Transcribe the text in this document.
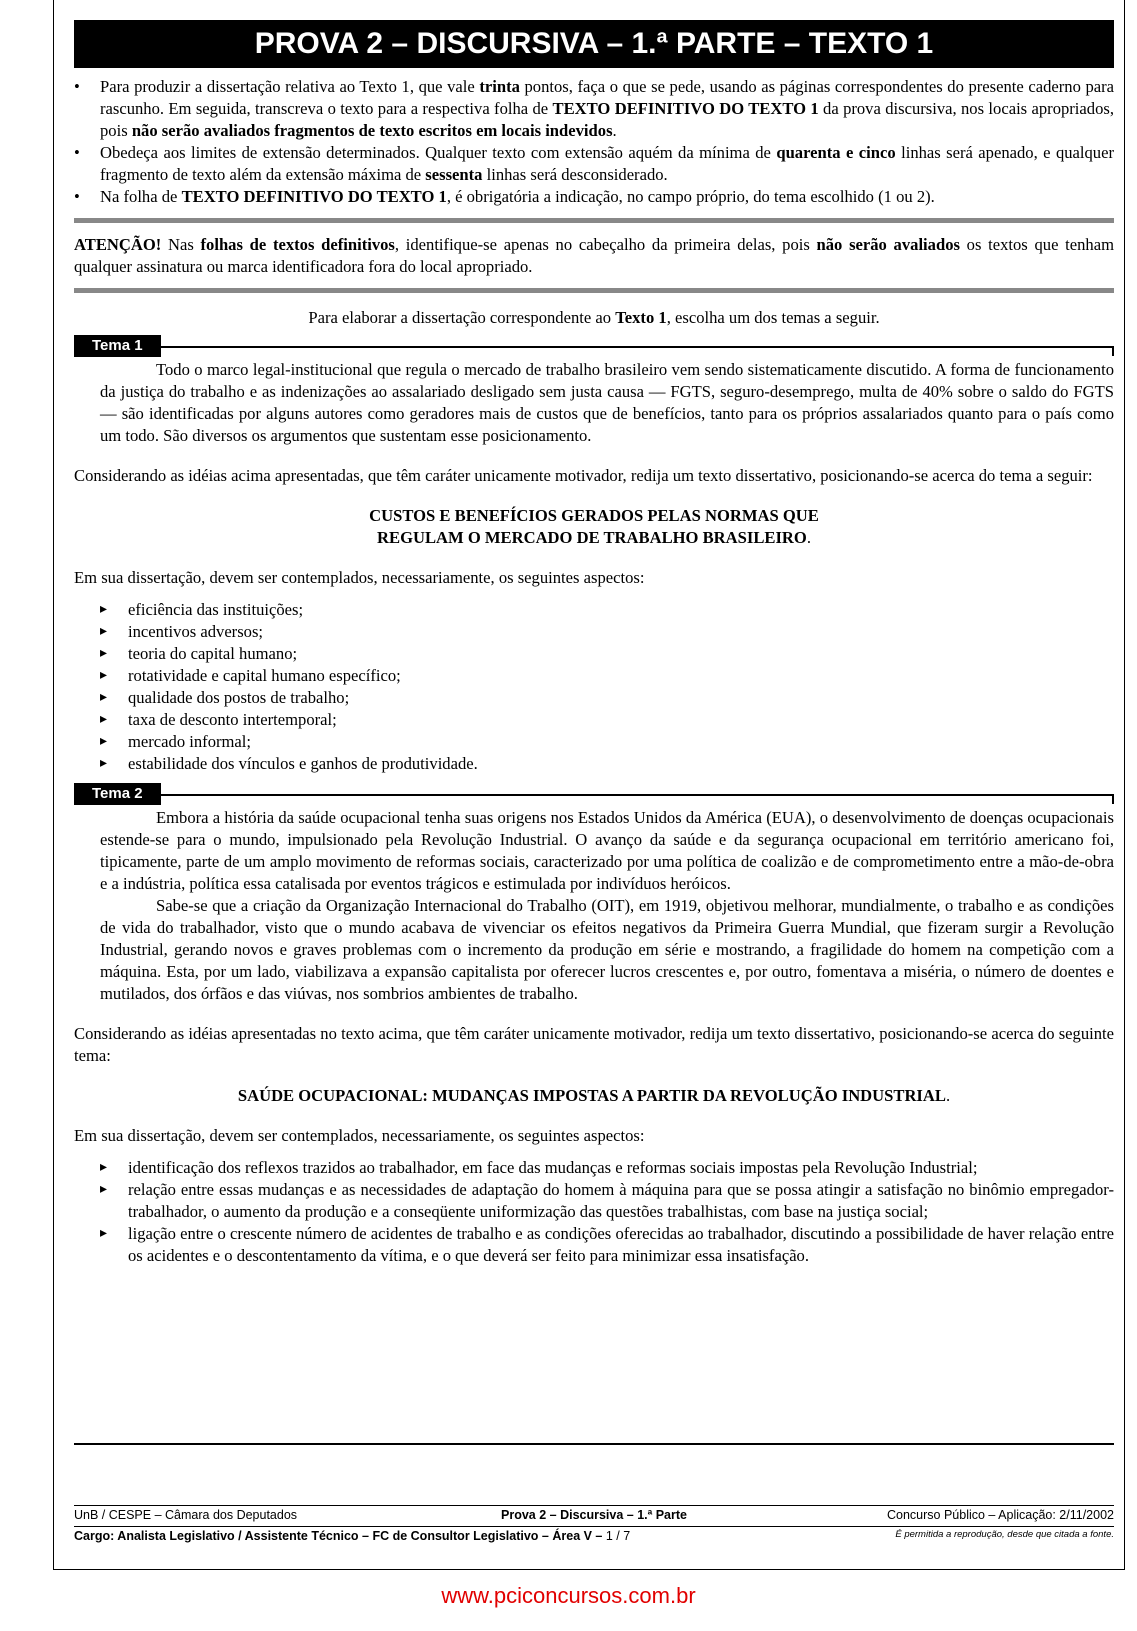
PROVA 2 – DISCURSIVA – 1.ª PARTE – TEXTO 1
• Para produzir a dissertação relativa ao Texto 1, que vale trinta pontos, faça o que se pede, usando as páginas correspondentes do presente caderno para rascunho. Em seguida, transcreva o texto para a respectiva folha de TEXTO DEFINITIVO DO TEXTO 1 da prova discursiva, nos locais apropriados, pois não serão avaliados fragmentos de texto escritos em locais indevidos.
• Obedeça aos limites de extensão determinados. Qualquer texto com extensão aquém da mínima de quarenta e cinco linhas será apenado, e qualquer fragmento de texto além da extensão máxima de sessenta linhas será desconsiderado.
• Na folha de TEXTO DEFINITIVO DO TEXTO 1, é obrigatória a indicação, no campo próprio, do tema escolhido (1 ou 2).

ATENÇÃO! Nas folhas de textos definitivos, identifique-se apenas no cabeçalho da primeira delas, pois não serão avaliados os textos que tenham qualquer assinatura ou marca identificadora fora do local apropriado.

Para elaborar a dissertação correspondente ao Texto 1, escolha um dos temas a seguir.

Tema 1

Todo o marco legal-institucional que regula o mercado de trabalho brasileiro vem sendo sistematicamente discutido. A forma de funcionamento da justiça do trabalho e as indenizações ao assalariado desligado sem justa causa — FGTS, seguro-desemprego, multa de 40% sobre o saldo do FGTS — são identificadas por alguns autores como geradores mais de custos que de benefícios, tanto para os próprios assalariados quanto para o país como um todo. São diversos os argumentos que sustentam esse posicionamento.

Considerando as idéias acima apresentadas, que têm caráter unicamente motivador, redija um texto dissertativo, posicionando-se acerca do tema a seguir:

CUSTOS E BENEFÍCIOS GERADOS PELAS NORMAS QUE
REGULAM O MERCADO DE TRABALHO BRASILEIRO.

Em sua dissertação, devem ser contemplados, necessariamente, os seguintes aspectos:

▸ eficiência das instituições;
▸ incentivos adversos;
▸ teoria do capital humano;
▸ rotatividade e capital humano específico;
▸ qualidade dos postos de trabalho;
▸ taxa de desconto intertemporal;
▸ mercado informal;
▸ estabilidade dos vínculos e ganhos de produtividade.
Tema 2

Embora a história da saúde ocupacional tenha suas origens nos Estados Unidos da América (EUA), o desenvolvimento de doenças ocupacionais estende-se para o mundo, impulsionado pela Revolução Industrial. O avanço da saúde e da segurança ocupacional em território americano foi, tipicamente, parte de um amplo movimento de reformas sociais, caracterizado por uma política de coalizão e de comprometimento entre a mão-de-obra e a indústria, política essa catalisada por eventos trágicos e estimulada por indivíduos heróicos.

Sabe-se que a criação da Organização Internacional do Trabalho (OIT), em 1919, objetivou melhorar, mundialmente, o trabalho e as condições de vida do trabalhador, visto que o mundo acabava de vivenciar os efeitos negativos da Primeira Guerra Mundial, que fizeram surgir a Revolução Industrial, gerando novos e graves problemas com o incremento da produção em série e mostrando, a fragilidade do homem na competição com a máquina. Esta, por um lado, viabilizava a expansão capitalista por oferecer lucros crescentes e, por outro, fomentava a miséria, o número de doentes e mutilados, dos órfãos e das viúvas, nos sombrios ambientes de trabalho.

Considerando as idéias apresentadas no texto acima, que têm caráter unicamente motivador, redija um texto dissertativo, posicionando-se acerca do seguinte tema:

SAÚDE OCUPACIONAL: MUDANÇAS IMPOSTAS A PARTIR DA REVOLUÇÃO INDUSTRIAL.

Em sua dissertação, devem ser contemplados, necessariamente, os seguintes aspectos:

▸ identificação dos reflexos trazidos ao trabalhador, em face das mudanças e reformas sociais impostas pela Revolução Industrial;
▸ relação entre essas mudanças e as necessidades de adaptação do homem à máquina para que se possa atingir a satisfação no binômio empregador-trabalhador, o aumento da produção e a conseqüente uniformização das questões trabalhistas, com base na justiça social;
▸ ligação entre o crescente número de acidentes de trabalho e as condições oferecidas ao trabalhador, discutindo a possibilidade de haver relação entre os acidentes e o descontentamento da vítima, e o que deverá ser feito para minimizar essa insatisfação.
UnB / CESPE – Câmara dos Deputados	Prova 2 – Discursiva – 1.ª Parte	Concurso Público – Aplicação: 2/11/2002
Cargo: Analista Legislativo / Assistente Técnico – FC de Consultor Legislativo – Área V – 1 / 7	É permitida a reprodução, desde que citada a fonte.
www.pciconcursos.com.br
